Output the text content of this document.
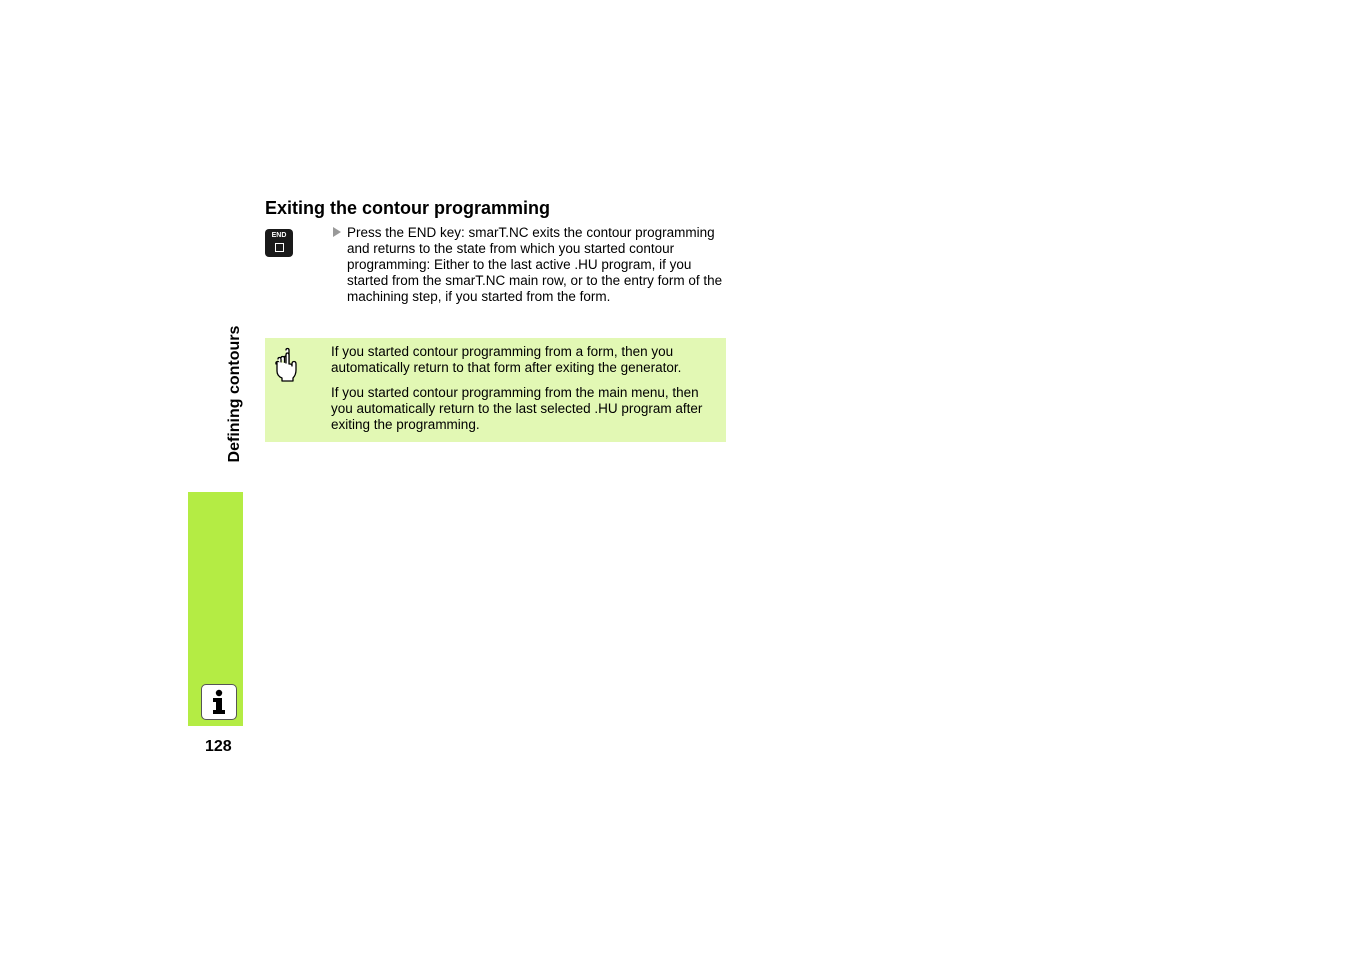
Defining contours
128
Exiting the contour programming
END	Press the END key: smarT.NC exits the contour programming and returns to the state from which you started contour programming: Either to the last active .HU program, if you started from the smarT.NC main row, or to the entry form of the machining step, if you started from the form.

If you started contour programming from a form, then you automatically return to that form after exiting the generator.

If you started contour programming from the main menu, then you automatically return to the last selected .HU program after exiting the programming.
